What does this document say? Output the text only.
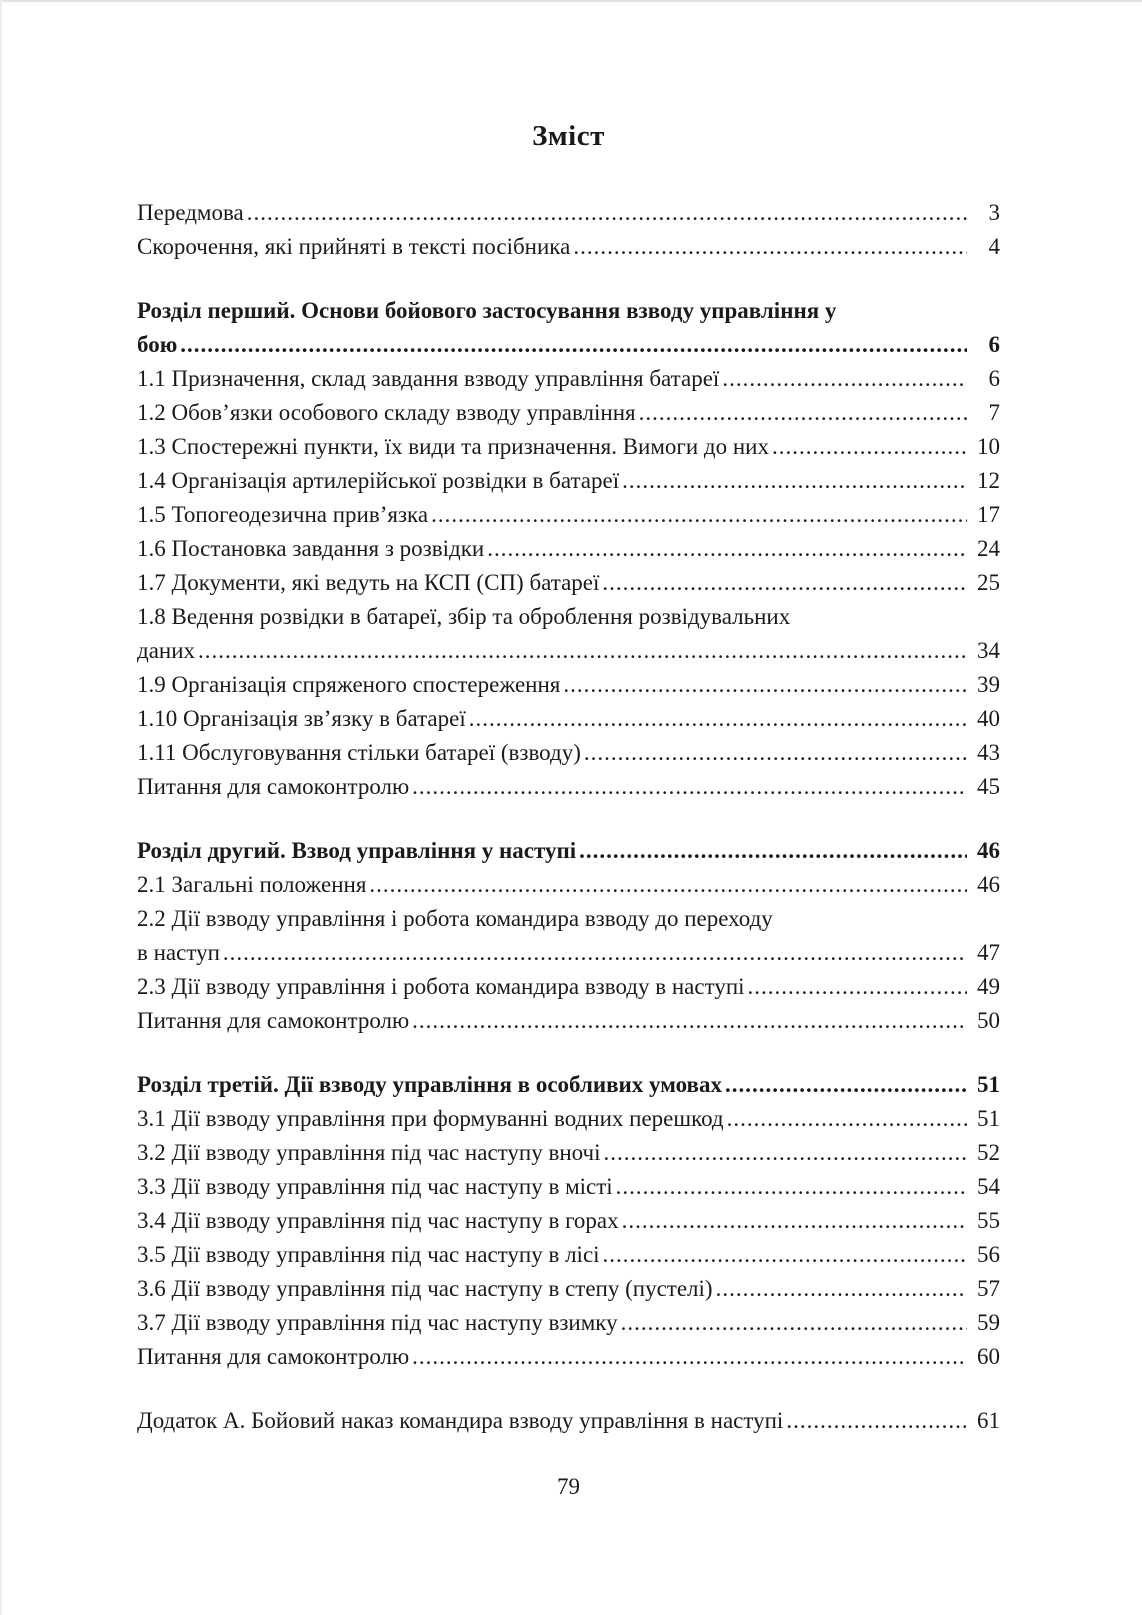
Зміст
Передмова .....	3
Скорочення, які прийняті в тексті посібника .....	4
Розділ перший. Основи бойового застосування взводу управління у
бою .....	6
1.1 Призначення, склад завдання взводу управління батареї .....	6
1.2 Обов’язки особового складу взводу управління .....	7
1.3 Спостережні пункти, їх види та призначення. Вимоги до них .....	10
1.4 Організація артилерійської розвідки в батареї .....	12
1.5 Топогеодезична прив’язка .....	17
1.6 Постановка завдання з розвідки .....	24
1.7 Документи, які ведуть на КСП (СП) батареї .....	25
1.8 Ведення розвідки в батареї, збір та оброблення розвідувальних
даних .....	34
1.9 Організація спряженого спостереження .....	39
1.10 Організація зв’язку в батареї .....	40
1.11 Обслуговування стільки батареї (взводу) .....	43
Питання для самоконтролю .....	45
Розділ другий. Взвод управління у наступі .....	46
2.1 Загальні положення .....	46
2.2 Дії взводу управління і робота командира взводу до переходу
в наступ .....	47
2.3 Дії взводу управління і робота командира взводу в наступі .....	49
Питання для самоконтролю .....	50
Розділ третій. Дії взводу управління в особливих умовах .....	51
3.1 Дії взводу управління при формуванні водних перешкод .....	51
3.2 Дії взводу управління під час наступу вночі .....	52
3.3 Дії взводу управління під час наступу в місті .....	54
3.4 Дії взводу управління під час наступу в горах .....	55
3.5 Дії взводу управління під час наступу в лісі .....	56
3.6 Дії взводу управління під час наступу в степу (пустелі) .....	57
3.7 Дії взводу управління під час наступу взимку .....	59
Питання для самоконтролю .....	60
Додаток А. Бойовий наказ командира взводу управління в наступі .....	61
79
